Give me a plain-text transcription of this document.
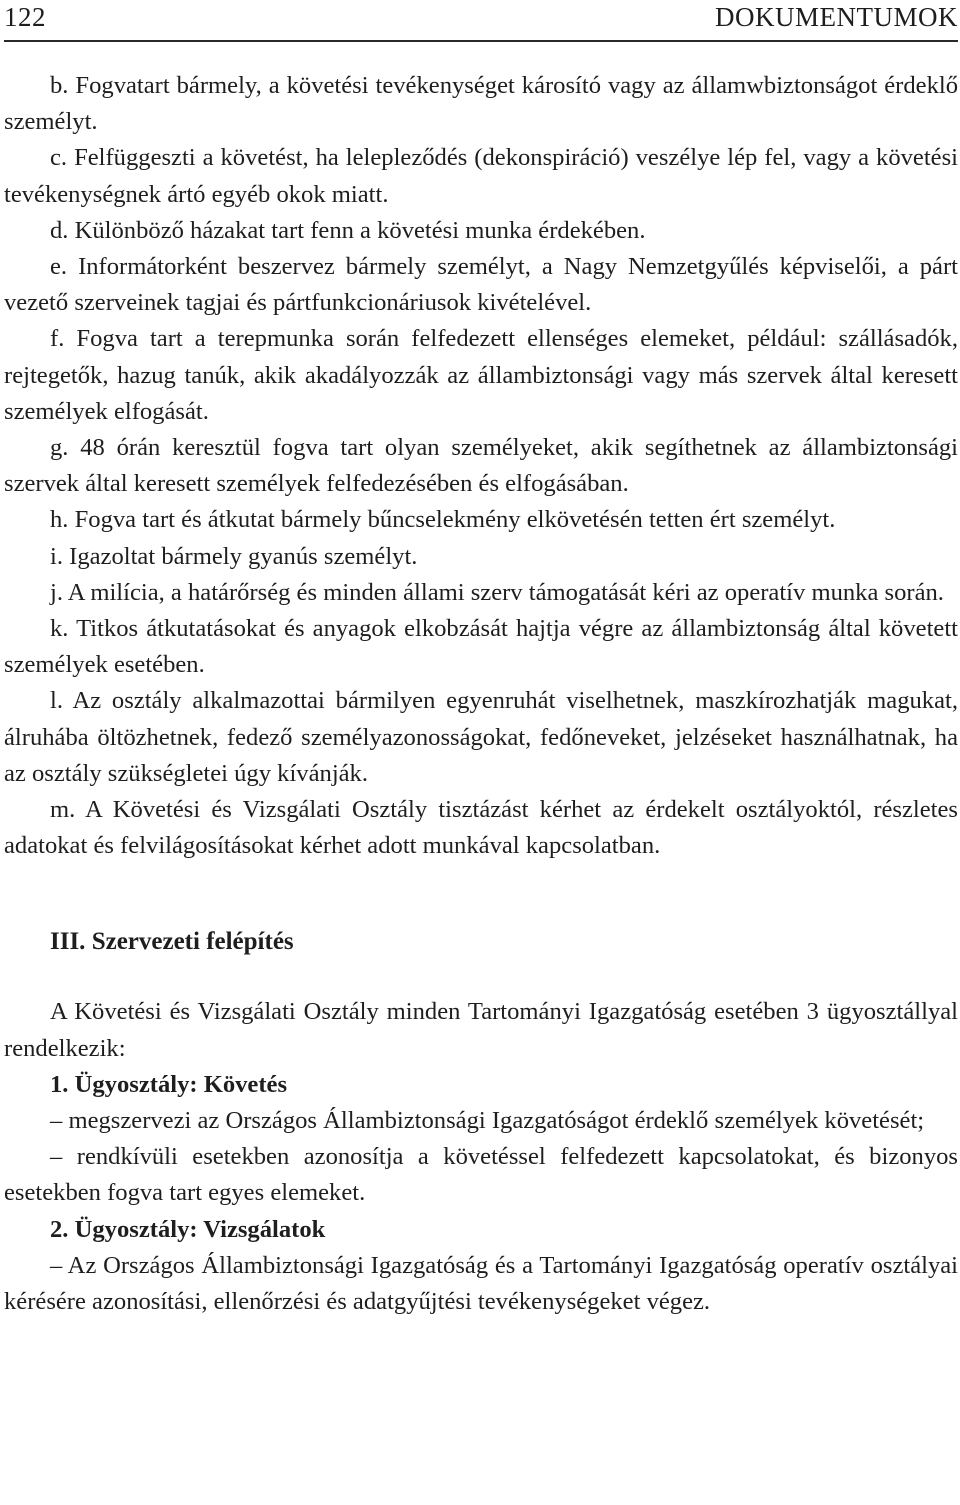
122	DOKUMENTUMOK

b. Fogvatart bármely, a követési tevékenységet károsító vagy az államwbiztonságot érdeklő személyt.

c. Felfüggeszti a követést, ha lelepleződés (dekonspiráció) veszélye lép fel, vagy a követési tevékenységnek ártó egyéb okok miatt.

d. Különböző házakat tart fenn a követési munka érdekében.

e. Informátorként beszervez bármely személyt, a Nagy Nemzetgyűlés képviselői, a párt vezető szerveinek tagjai és pártfunkcionáriusok kivételével.

f. Fogva tart a terepmunka során felfedezett ellenséges elemeket, például: szállásadók, rejtegetők, hazug tanúk, akik akadályozzák az állambiztonsági vagy más szervek által keresett személyek elfogását.

g. 48 órán keresztül fogva tart olyan személyeket, akik segíthetnek az állambiztonsági szervek által keresett személyek felfedezésében és elfogásában.

h. Fogva tart és átkutat bármely bűncselekmény elkövetésén tetten ért személyt.

i. Igazoltat bármely gyanús személyt.

j. A milícia, a határőrség és minden állami szerv támogatását kéri az operatív munka során.

k. Titkos átkutatásokat és anyagok elkobzását hajtja végre az állambiztonság által követett személyek esetében.

l. Az osztály alkalmazottai bármilyen egyenruhát viselhetnek, maszkírozhatják magukat, álruhába öltözhetnek, fedező személyazonosságokat, fedőneveket, jelzéseket használhatnak, ha az osztály szükségletei úgy kívánják.

m. A Követési és Vizsgálati Osztály tisztázást kérhet az érdekelt osztályoktól, részletes adatokat és felvilágosításokat kérhet adott munkával kapcsolatban.

III. Szervezeti felépítés

A Követési és Vizsgálati Osztály minden Tartományi Igazgatóság esetében 3 ügyosztállyal rendelkezik:

1. Ügyosztály: Követés

– megszervezi az Országos Állambiztonsági Igazgatóságot érdeklő személyek követését;

– rendkívüli esetekben azonosítja a követéssel felfedezett kapcsolatokat, és bizonyos esetekben fogva tart egyes elemeket.

2. Ügyosztály: Vizsgálatok

– Az Országos Állambiztonsági Igazgatóság és a Tartományi Igazgatóság operatív osztályai kérésére azonosítási, ellenőrzési és adatgyűjtési tevékenységeket végez.
